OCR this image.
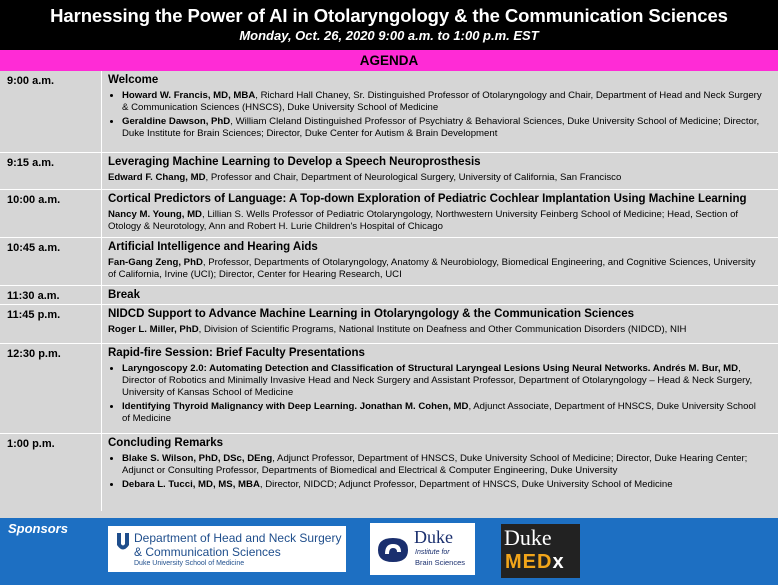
Harnessing the Power of AI in Otolaryngology & the Communication Sciences
Monday, Oct. 26, 2020 9:00 a.m. to 1:00 p.m. EST
AGENDA
9:00 a.m.	Welcome
• Howard W. Francis, MD, MBA, Richard Hall Chaney, Sr. Distinguished Professor of Otolaryngology and Chair, Department of Head and Neck Surgery & Communication Sciences (HNSCS), Duke University School of Medicine
• Geraldine Dawson, PhD, William Cleland Distinguished Professor of Psychiatry & Behavioral Sciences, Duke University School of Medicine; Director, Duke Institute for Brain Sciences; Director, Duke Center for Autism & Brain Development
9:15 a.m.	Leveraging Machine Learning to Develop a Speech Neuroprosthesis
Edward F. Chang, MD, Professor and Chair, Department of Neurological Surgery, University of California, San Francisco
10:00 a.m.	Cortical Predictors of Language: A Top-down Exploration of Pediatric Cochlear Implantation Using Machine Learning
Nancy M. Young, MD, Lillian S. Wells Professor of Pediatric Otolaryngology, Northwestern University Feinberg School of Medicine; Head, Section of Otology & Neurotology, Ann and Robert H. Lurie Children's Hospital of Chicago
10:45 a.m.	Artificial Intelligence and Hearing Aids
Fan-Gang Zeng, PhD, Professor, Departments of Otolaryngology, Anatomy & Neurobiology, Biomedical Engineering, and Cognitive Sciences, University of California, Irvine (UCI); Director, Center for Hearing Research, UCI
11:30 a.m.	Break
11:45 p.m.	NIDCD Support to Advance Machine Learning in Otolaryngology & the Communication Sciences
Roger L. Miller, PhD, Division of Scientific Programs, National Institute on Deafness and Other Communication Disorders (NIDCD), NIH
12:30 p.m.	Rapid-fire Session: Brief Faculty Presentations
• Laryngoscopy 2.0: Automating Detection and Classification of Structural Laryngeal Lesions Using Neural Networks. Andrés M. Bur, MD, Director of Robotics and Minimally Invasive Head and Neck Surgery and Assistant Professor, Department of Otolaryngology – Head & Neck Surgery, University of Kansas School of Medicine
• Identifying Thyroid Malignancy with Deep Learning. Jonathan M. Cohen, MD, Adjunct Associate, Department of HNSCS, Duke University School of Medicine
1:00 p.m.	Concluding Remarks
• Blake S. Wilson, PhD, DSc, DEng, Adjunct Professor, Department of HNSCS, Duke University School of Medicine; Director, Duke Hearing Center; Adjunct or Consulting Professor, Departments of Biomedical and Electrical & Computer Engineering, Duke University
• Debara L. Tucci, MD, MS, MBA, Director, NIDCD; Adjunct Professor, Department of HNSCS, Duke University School of Medicine
Sponsors
Department of Head and Neck Surgery
& Communication Sciences
Duke University School of Medicine
Duke
Institute for
Brain Sciences
Duke
MEDx
